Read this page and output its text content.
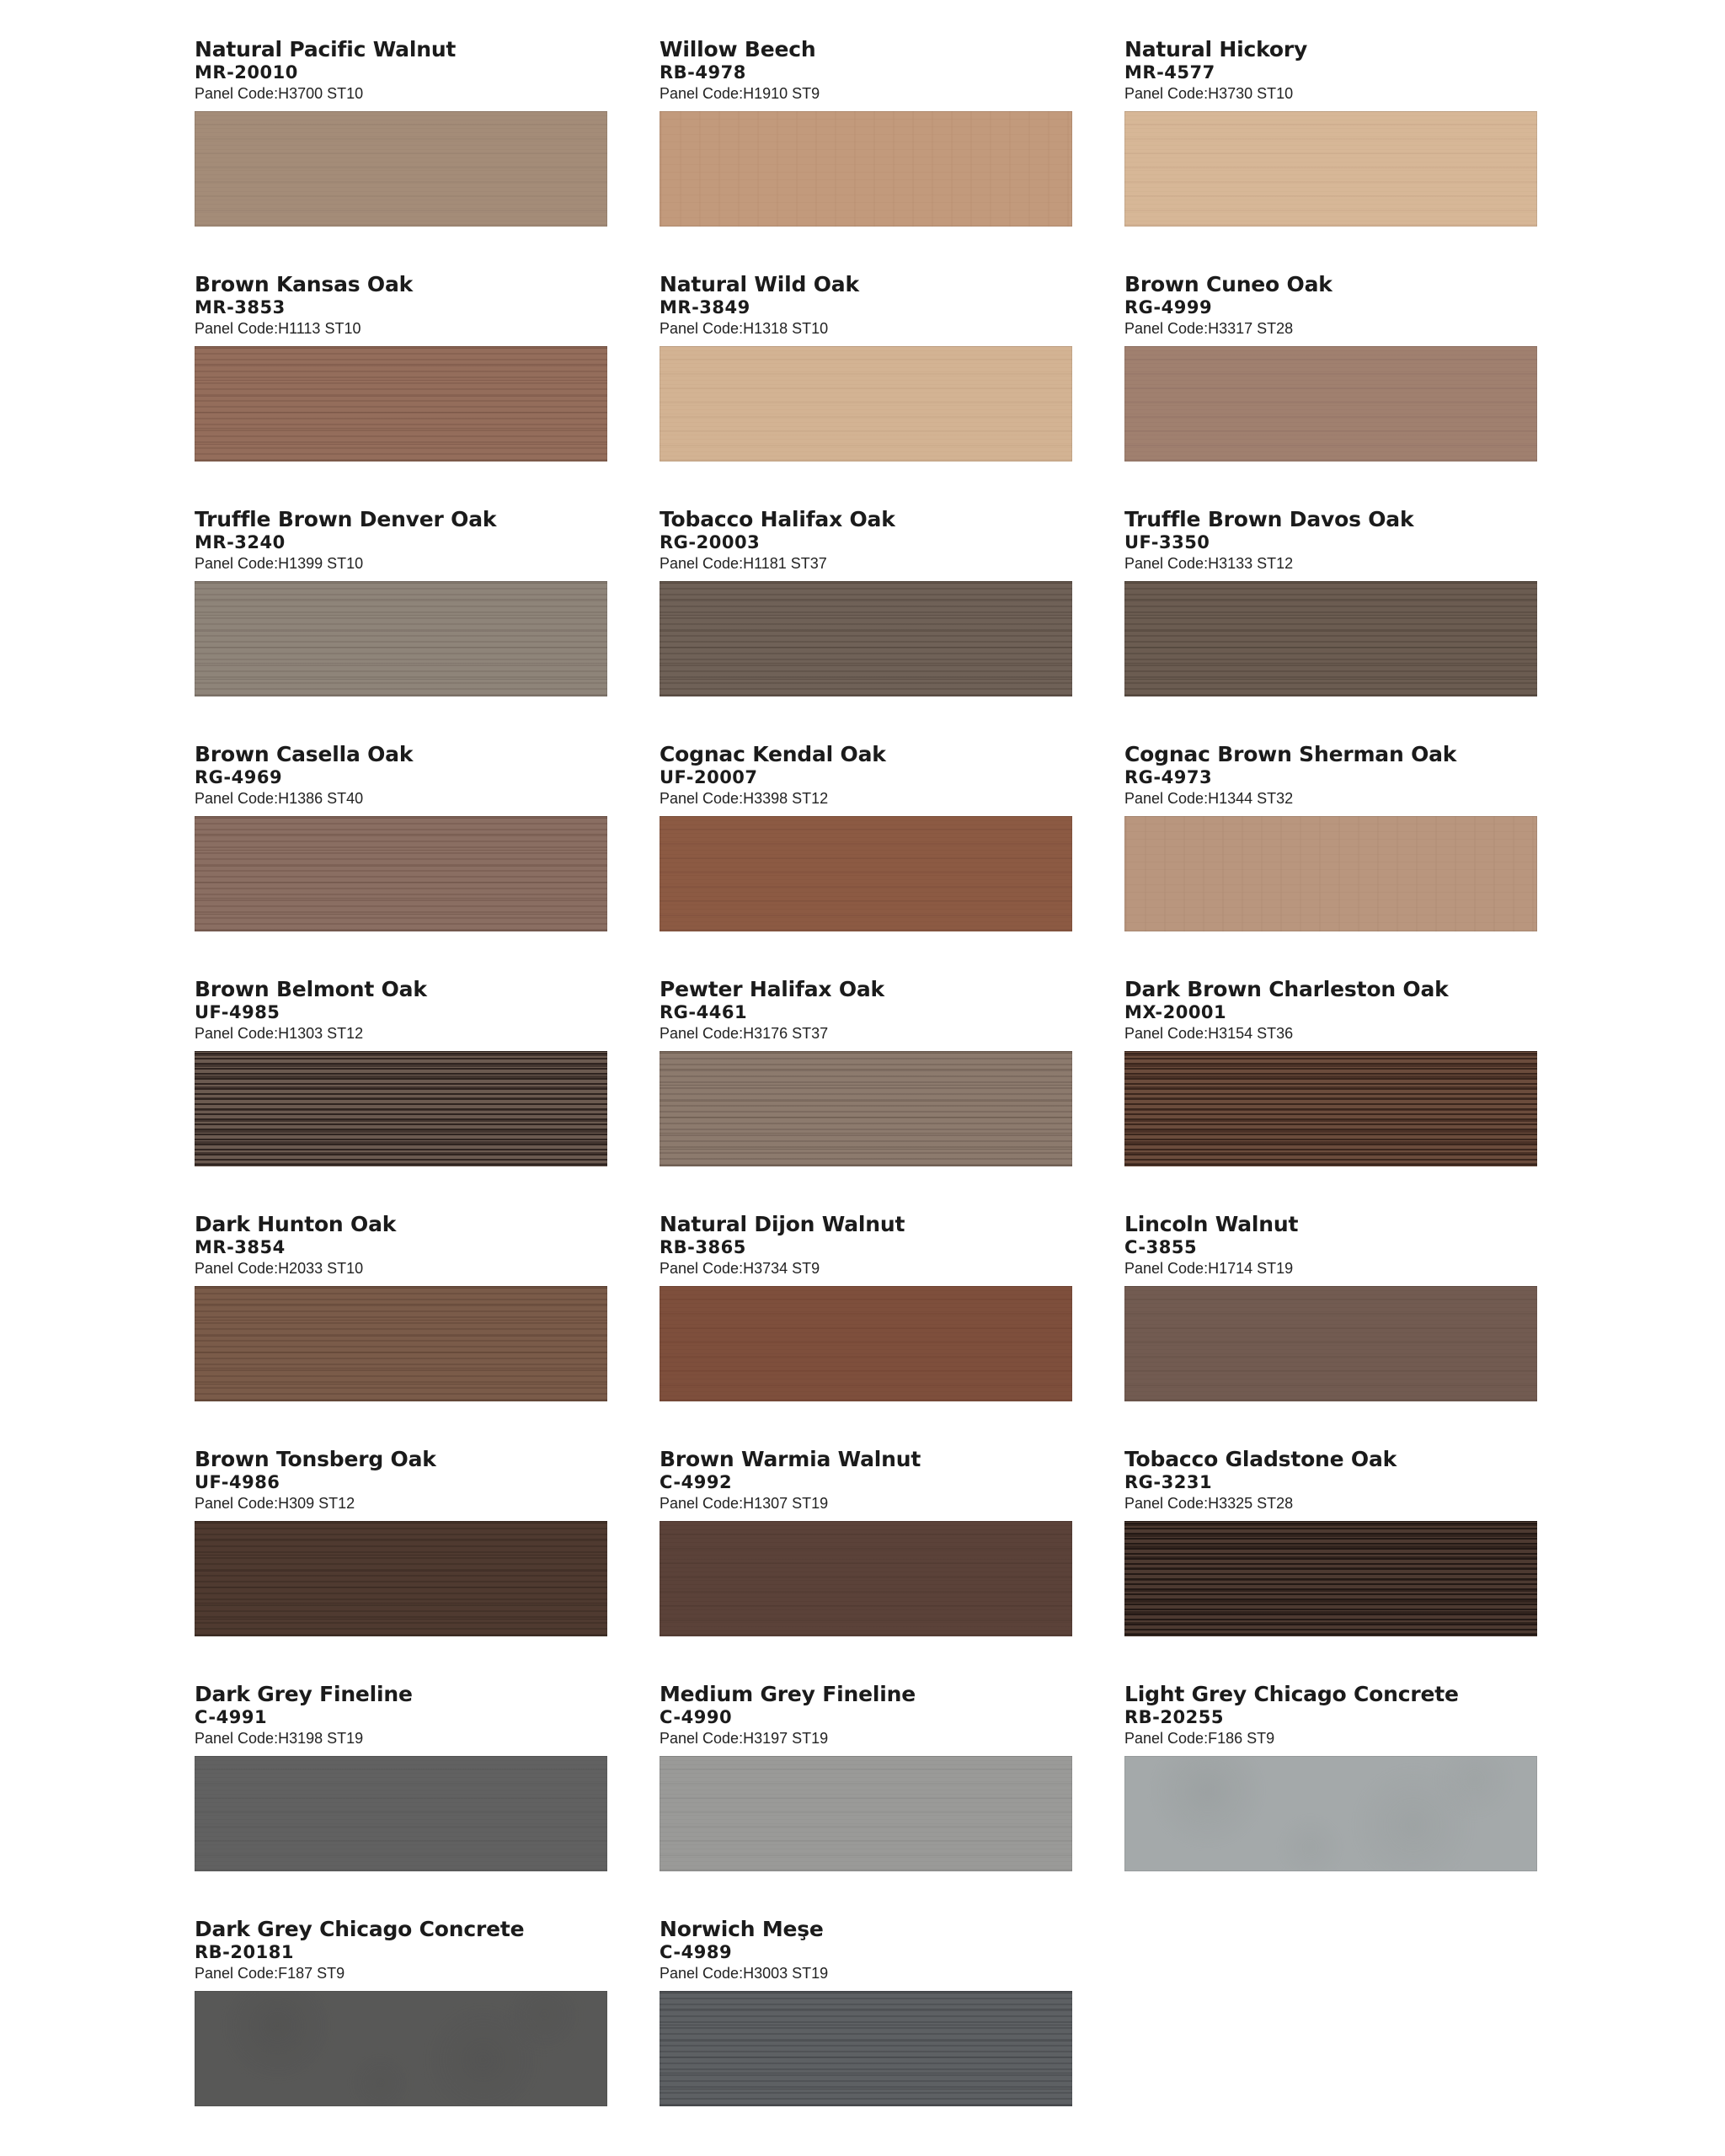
Natural Pacific Walnut
MR-20010
Panel Code:H3700 ST10
Willow Beech
RB-4978
Panel Code:H1910 ST9
Natural Hickory
MR-4577
Panel Code:H3730 ST10
Brown Kansas Oak
MR-3853
Panel Code:H1113 ST10
Natural Wild Oak
MR-3849
Panel Code:H1318 ST10
Brown Cuneo Oak
RG-4999
Panel Code:H3317 ST28
Truffle Brown Denver Oak
MR-3240
Panel Code:H1399 ST10
Tobacco Halifax Oak
RG-20003
Panel Code:H1181 ST37
Truffle Brown Davos Oak
UF-3350
Panel Code:H3133 ST12
Brown Casella Oak
RG-4969
Panel Code:H1386 ST40
Cognac Kendal Oak
UF-20007
Panel Code:H3398 ST12
Cognac Brown Sherman Oak
RG-4973
Panel Code:H1344 ST32
Brown Belmont Oak
UF-4985
Panel Code:H1303 ST12
Pewter Halifax Oak
RG-4461
Panel Code:H3176 ST37
Dark Brown Charleston Oak
MX-20001
Panel Code:H3154 ST36
Dark Hunton Oak
MR-3854
Panel Code:H2033 ST10
Natural Dijon Walnut
RB-3865
Panel Code:H3734 ST9
Lincoln Walnut
C-3855
Panel Code:H1714 ST19
Brown Tonsberg Oak
UF-4986
Panel Code:H309 ST12
Brown Warmia Walnut
C-4992
Panel Code:H1307 ST19
Tobacco Gladstone Oak
RG-3231
Panel Code:H3325 ST28
Dark Grey Fineline
C-4991
Panel Code:H3198 ST19
Medium Grey Fineline
C-4990
Panel Code:H3197 ST19
Light Grey Chicago Concrete
RB-20255
Panel Code:F186 ST9
Dark Grey Chicago Concrete
RB-20181
Panel Code:F187 ST9
Norwich Meşe
C-4989
Panel Code:H3003 ST19
